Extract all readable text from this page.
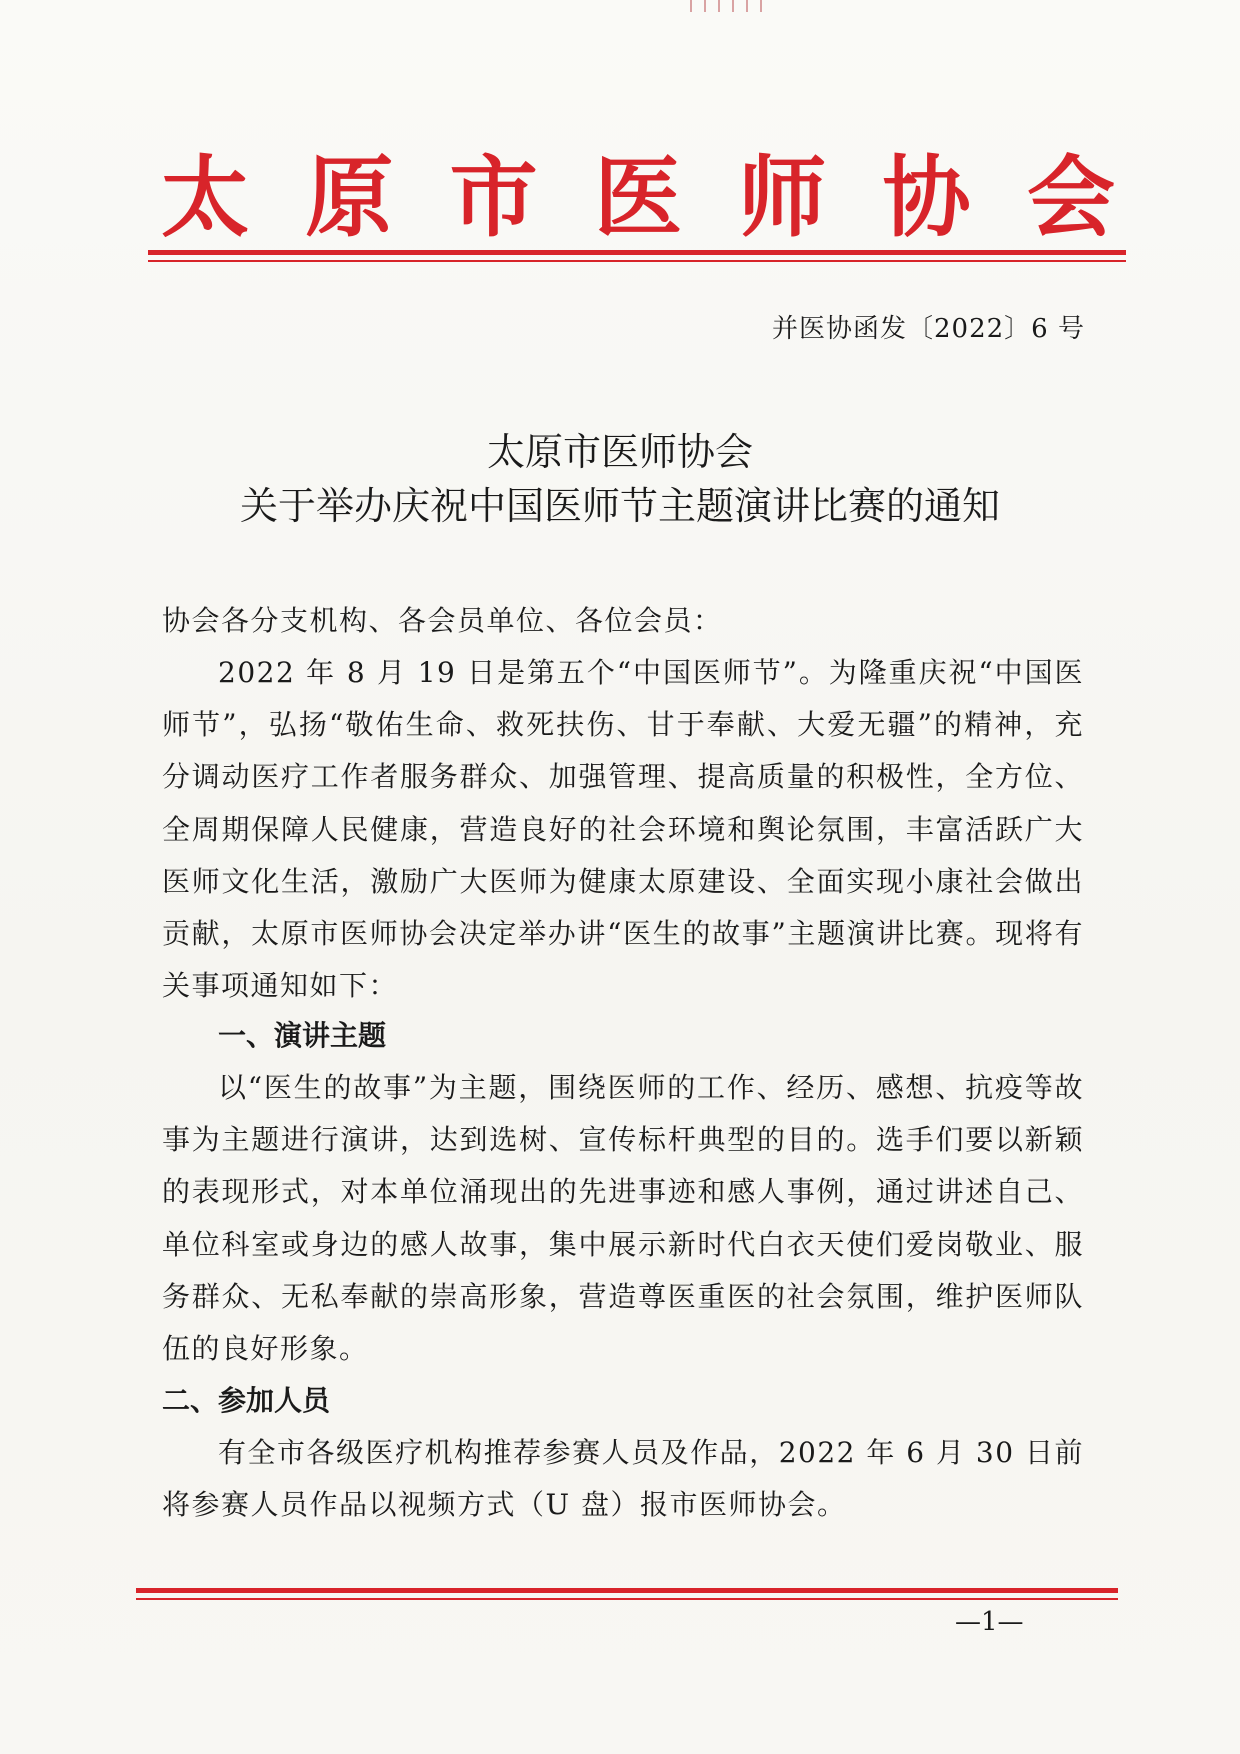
太 原 市 医 师 协 会
并医协函发〔2022〕6 号
太原市医师协会
关于举办庆祝中国医师节主题演讲比赛的通知

协会各分支机构、各会员单位、各位会员：

2022 年 8 月 19 日是第五个“中国医师节”。为隆重庆祝“中国医师节”，弘扬“敬佑生命、救死扶伤、甘于奉献、大爱无疆”的精神，充分调动医疗工作者服务群众、加强管理、提高质量的积极性，全方位、全周期保障人民健康，营造良好的社会环境和舆论氛围，丰富活跃广大医师文化生活，激励广大医师为健康太原建设、全面实现小康社会做出贡献，太原市医师协会决定举办讲“医生的故事”主题演讲比赛。现将有关事项通知如下：

一、演讲主题

以“医生的故事”为主题，围绕医师的工作、经历、感想、抗疫等故事为主题进行演讲，达到选树、宣传标杆典型的目的。选手们要以新颖的表现形式，对本单位涌现出的先进事迹和感人事例，通过讲述自己、单位科室或身边的感人故事，集中展示新时代白衣天使们爱岗敬业、服务群众、无私奉献的崇高形象，营造尊医重医的社会氛围，维护医师队伍的良好形象。

二、参加人员

有全市各级医疗机构推荐参赛人员及作品，2022 年 6 月 30 日前将参赛人员作品以视频方式（U 盘）报市医师协会。

—1—
